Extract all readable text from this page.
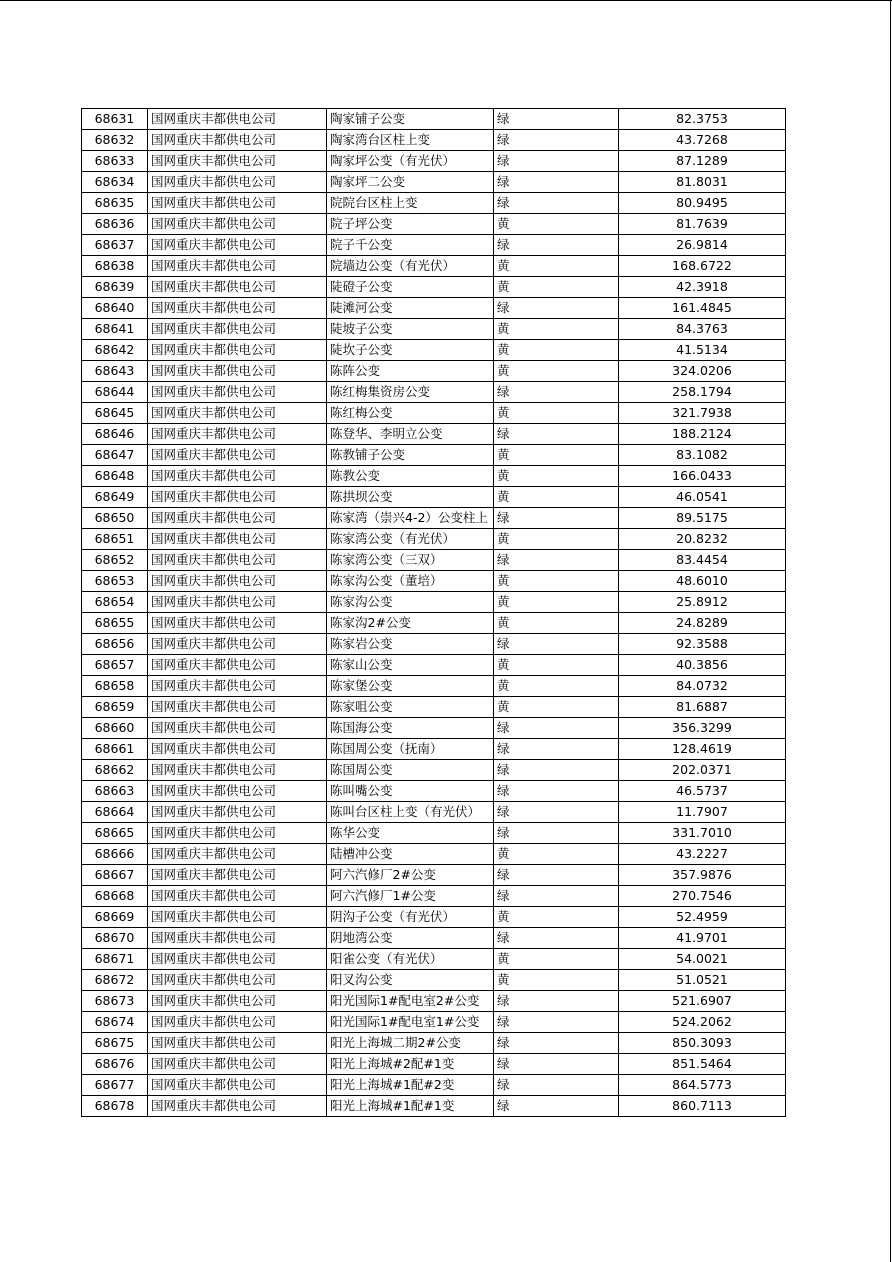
68631	国网重庆丰都供电公司	陶家铺子公变	绿	82.3753
68632	国网重庆丰都供电公司	陶家湾台区柱上变	绿	43.7268
68633	国网重庆丰都供电公司	陶家坪公变（有光伏）	绿	87.1289
68634	国网重庆丰都供电公司	陶家坪二公变	绿	81.8031
68635	国网重庆丰都供电公司	院院台区柱上变	绿	80.9495
68636	国网重庆丰都供电公司	院子坪公变	黄	81.7639
68637	国网重庆丰都供电公司	院子千公变	绿	26.9814
68638	国网重庆丰都供电公司	院墙边公变（有光伏）	黄	168.6722
68639	国网重庆丰都供电公司	陡磴子公变	黄	42.3918
68640	国网重庆丰都供电公司	陡滩河公变	绿	161.4845
68641	国网重庆丰都供电公司	陡坡子公变	黄	84.3763
68642	国网重庆丰都供电公司	陡坎子公变	黄	41.5134
68643	国网重庆丰都供电公司	陈阵公变	黄	324.0206
68644	国网重庆丰都供电公司	陈红梅集资房公变	绿	258.1794
68645	国网重庆丰都供电公司	陈红梅公变	黄	321.7938
68646	国网重庆丰都供电公司	陈登华、李明立公变	绿	188.2124
68647	国网重庆丰都供电公司	陈教铺子公变	黄	83.1082
68648	国网重庆丰都供电公司	陈教公变	黄	166.0433
68649	国网重庆丰都供电公司	陈拱坝公变	黄	46.0541
68650	国网重庆丰都供电公司	陈家湾（崇兴4-2）公变柱上	绿	89.5175
68651	国网重庆丰都供电公司	陈家湾公变（有光伏）	黄	20.8232
68652	国网重庆丰都供电公司	陈家湾公变（三双）	绿	83.4454
68653	国网重庆丰都供电公司	陈家沟公变（董培）	黄	48.6010
68654	国网重庆丰都供电公司	陈家沟公变	黄	25.8912
68655	国网重庆丰都供电公司	陈家沟2#公变	黄	24.8289
68656	国网重庆丰都供电公司	陈家岩公变	绿	92.3588
68657	国网重庆丰都供电公司	陈家山公变	黄	40.3856
68658	国网重庆丰都供电公司	陈家堡公变	黄	84.0732
68659	国网重庆丰都供电公司	陈家咀公变	黄	81.6887
68660	国网重庆丰都供电公司	陈国海公变	绿	356.3299
68661	国网重庆丰都供电公司	陈国周公变（抚南）	绿	128.4619
68662	国网重庆丰都供电公司	陈国周公变	绿	202.0371
68663	国网重庆丰都供电公司	陈叫嘴公变	绿	46.5737
68664	国网重庆丰都供电公司	陈叫台区柱上变（有光伏）	绿	11.7907
68665	国网重庆丰都供电公司	陈华公变	绿	331.7010
68666	国网重庆丰都供电公司	陆槽冲公变	黄	43.2227
68667	国网重庆丰都供电公司	阿六汽修厂2#公变	绿	357.9876
68668	国网重庆丰都供电公司	阿六汽修厂1#公变	绿	270.7546
68669	国网重庆丰都供电公司	阴沟子公变（有光伏）	黄	52.4959
68670	国网重庆丰都供电公司	阴地湾公变	绿	41.9701
68671	国网重庆丰都供电公司	阳雀公变（有光伏）	黄	54.0021
68672	国网重庆丰都供电公司	阳叉沟公变	黄	51.0521
68673	国网重庆丰都供电公司	阳光国际1#配电室2#公变	绿	521.6907
68674	国网重庆丰都供电公司	阳光国际1#配电室1#公变	绿	524.2062
68675	国网重庆丰都供电公司	阳光上海城二期2#公变	绿	850.3093
68676	国网重庆丰都供电公司	阳光上海城#2配#1变	绿	851.5464
68677	国网重庆丰都供电公司	阳光上海城#1配#2变	绿	864.5773
68678	国网重庆丰都供电公司	阳光上海城#1配#1变	绿	860.7113
